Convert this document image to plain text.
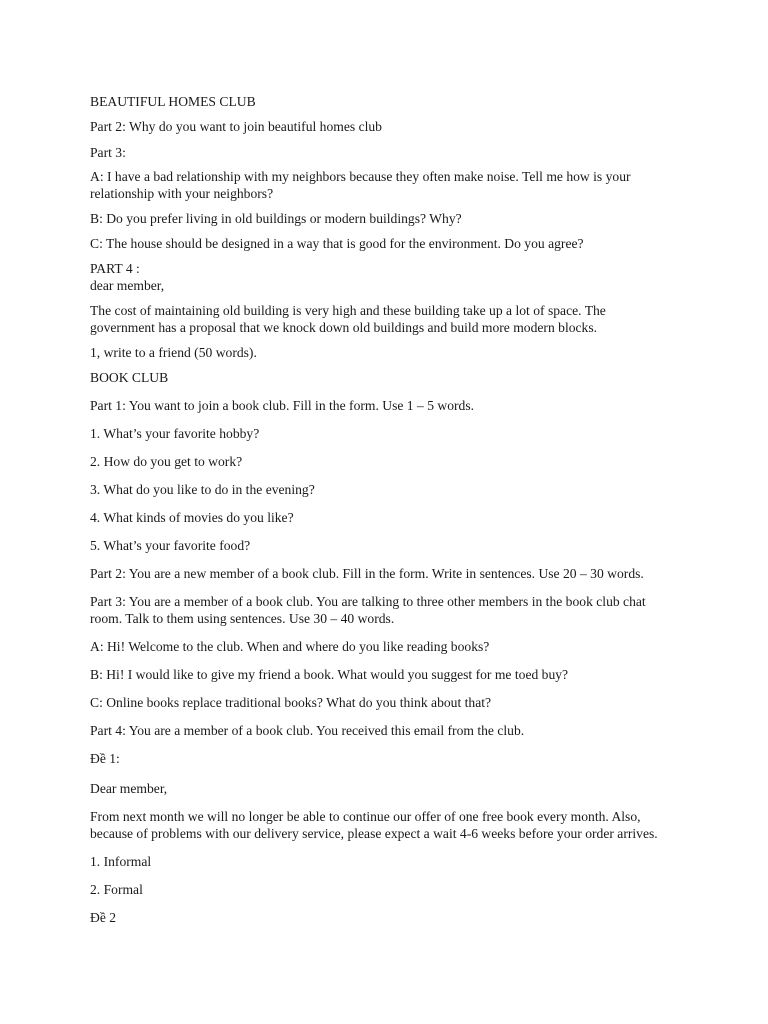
BEAUTIFUL HOMES CLUB
Part 2: Why do you want to join beautiful homes club
Part 3:
A: I have a bad relationship with my neighbors because they often make noise. Tell me how is your
relationship with your neighbors?
B: Do you prefer living in old buildings or modern buildings? Why?
C: The house should be designed in a way that is good for the environment. Do you agree?
PART 4 :
dear member,
The cost of maintaining old building is very high and these building take up a lot of space. The
government has a proposal that we knock down old buildings and build more modern blocks.
1, write to a friend (50 words).
BOOK CLUB
Part 1: You want to join a book club. Fill in the form. Use 1 – 5 words.
1. What’s your favorite hobby?
2. How do you get to work?
3. What do you like to do in the evening?
4. What kinds of movies do you like?
5. What’s your favorite food?
Part 2: You are a new member of a book club. Fill in the form. Write in sentences. Use 20 – 30 words.
Part 3: You are a member of a book club. You are talking to three other members in the book club chat
room. Talk to them using sentences. Use 30 – 40 words.
A: Hi! Welcome to the club. When and where do you like reading books?
B: Hi! I would like to give my friend a book. What would you suggest for me toed buy?
C: Online books replace traditional books? What do you think about that?
Part 4: You are a member of a book club. You received this email from the club.
Đề 1:
Dear member,
From next month we will no longer be able to continue our offer of one free book every month. Also,
because of problems with our delivery service, please expect a wait 4-6 weeks before your order arrives.
1. Informal
2. Formal
Đề 2
